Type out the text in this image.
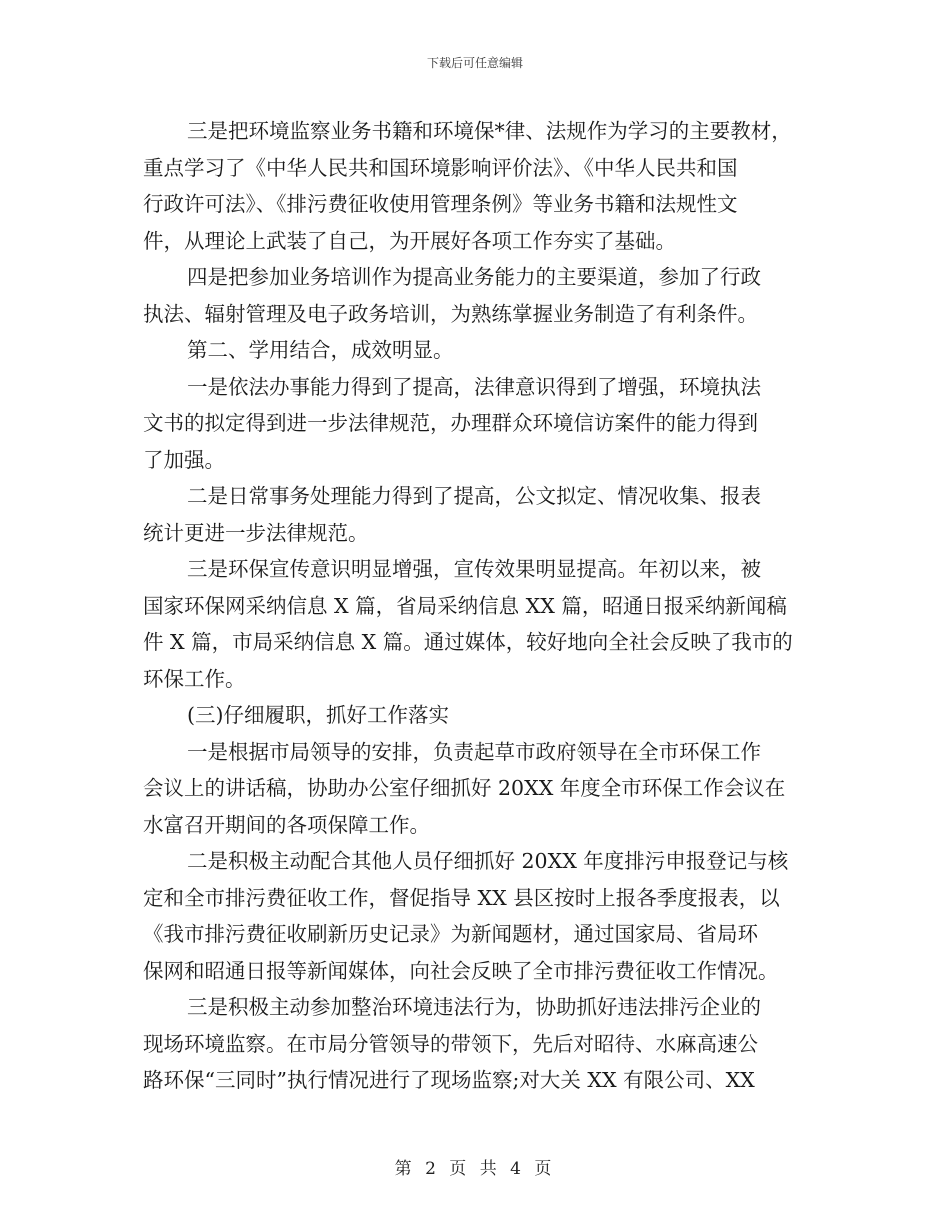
下载后可任意编辑
三是把环境监察业务书籍和环境保*律、法规作为学习的主要教材，
重点学习了《中华人民共和国环境影响评价法》、《中华人民共和国
行政许可法》、《排污费征收使用管理条例》等业务书籍和法规性文
件，从理论上武装了自己，为开展好各项工作夯实了基础。
四是把参加业务培训作为提高业务能力的主要渠道，参加了行政
执法、辐射管理及电子政务培训，为熟练掌握业务制造了有利条件。
第二、学用结合，成效明显。
一是依法办事能力得到了提高，法律意识得到了增强，环境执法
文书的拟定得到进一步法律规范，办理群众环境信访案件的能力得到
了加强。
二是日常事务处理能力得到了提高，公文拟定、情况收集、报表
统计更进一步法律规范。
三是环保宣传意识明显增强，宣传效果明显提高。年初以来，被
国家环保网采纳信息 X 篇，省局采纳信息 XX 篇，昭通日报采纳新闻稿
件 X 篇，市局采纳信息 X 篇。通过媒体，较好地向全社会反映了我市的
环保工作。
(三)仔细履职，抓好工作落实
一是根据市局领导的安排，负责起草市政府领导在全市环保工作
会议上的讲话稿，协助办公室仔细抓好 20XX 年度全市环保工作会议在
水富召开期间的各项保障工作。
二是积极主动配合其他人员仔细抓好 20XX 年度排污申报登记与核
定和全市排污费征收工作，督促指导 XX 县区按时上报各季度报表，以
《我市排污费征收刷新历史记录》为新闻题材，通过国家局、省局环
保网和昭通日报等新闻媒体，向社会反映了全市排污费征收工作情况。
三是积极主动参加整治环境违法行为，协助抓好违法排污企业的
现场环境监察。在市局分管领导的带领下，先后对昭待、水麻高速公
路环保“三同时”执行情况进行了现场监察;对大关 XX 有限公司、XX
第 2 页 共 4 页
